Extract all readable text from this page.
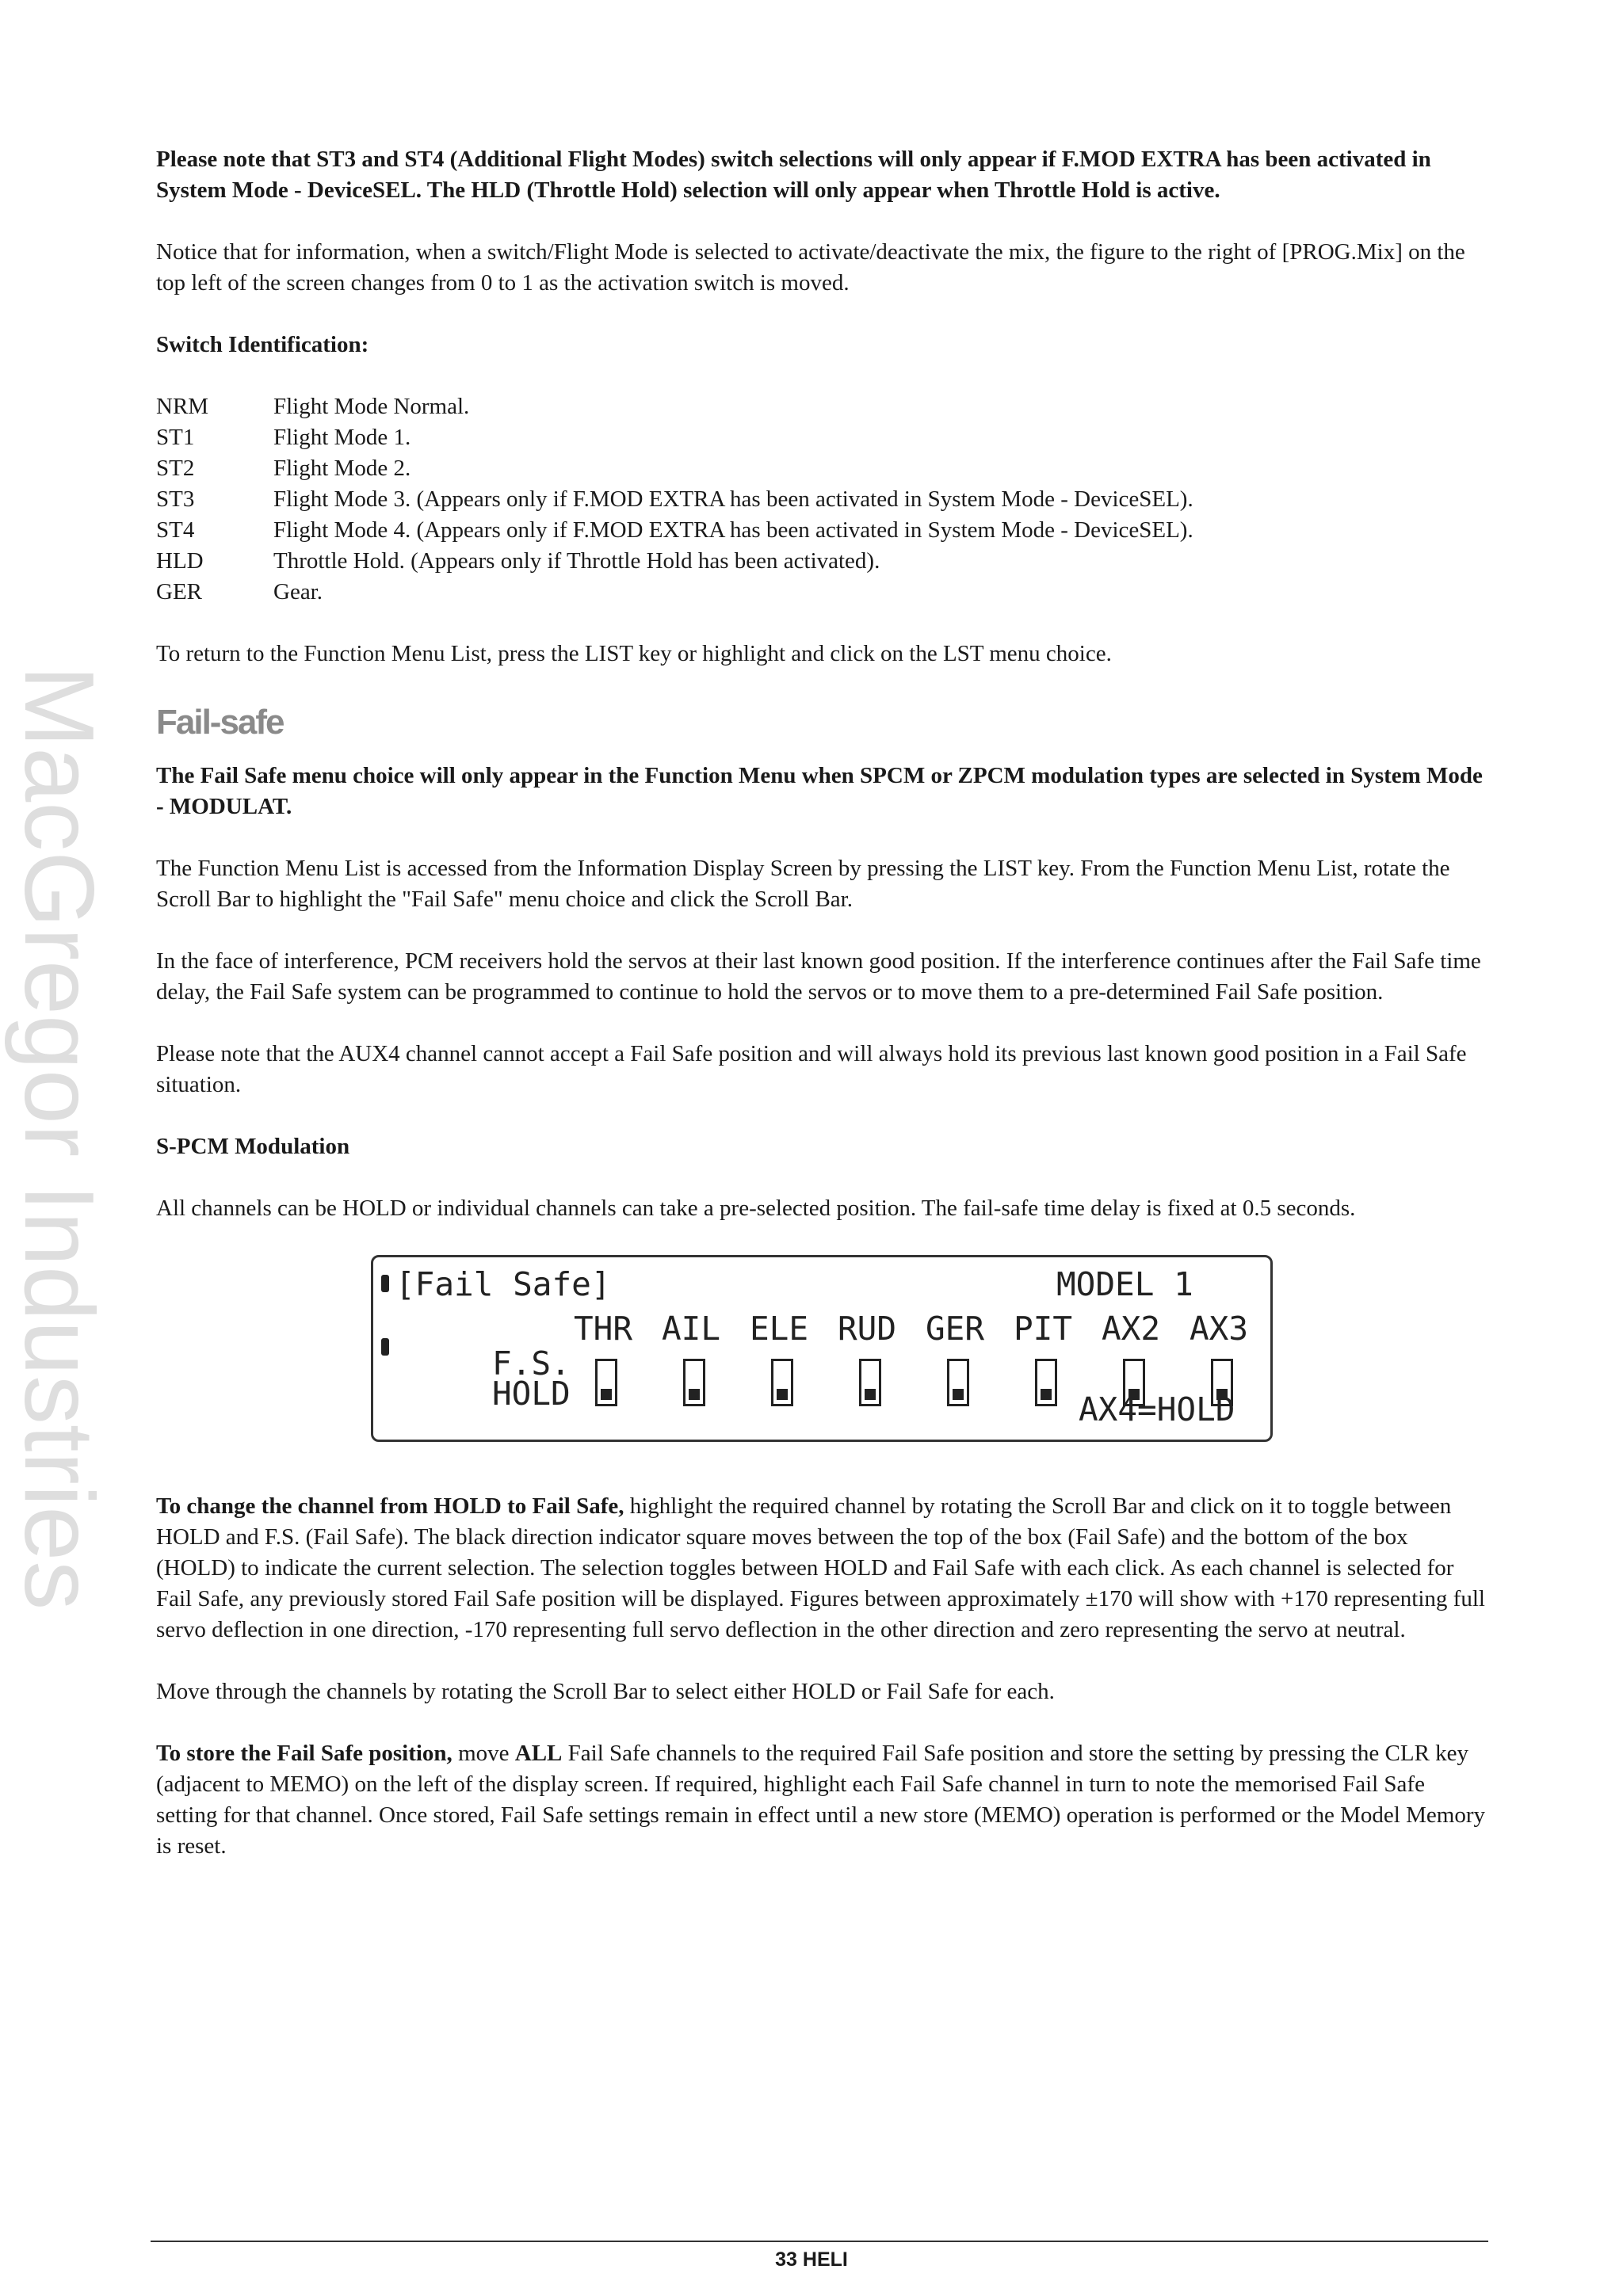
MacGregor Industries

Please note that ST3 and ST4 (Additional Flight Modes) switch selections will only appear if F.MOD EXTRA has been activated in System Mode - DeviceSEL. The HLD (Throttle Hold) selection will only appear when Throttle Hold is active.

Notice that for information, when a switch/Flight Mode is selected to activate/deactivate the mix, the figure to the right of [PROG.Mix] on the top left of the screen changes from 0 to 1 as the activation switch is moved.

Switch Identification:
NRM	Flight Mode Normal.
ST1	Flight Mode 1.
ST2	Flight Mode 2.
ST3	Flight Mode 3. (Appears only if F.MOD EXTRA has been activated in System Mode - DeviceSEL).
ST4	Flight Mode 4. (Appears only if F.MOD EXTRA has been activated in System Mode - DeviceSEL).
HLD	Throttle Hold. (Appears only if Throttle Hold has been activated).
GER	Gear.

To return to the Function Menu List, press the LIST key or highlight and click on the LST menu choice.

Fail-safe

The Fail Safe menu choice will only appear in the Function Menu when SPCM or ZPCM modulation types are selected in System Mode - MODULAT.

The Function Menu List is accessed from the Information Display Screen by pressing the LIST key. From the Function Menu List, rotate the Scroll Bar to highlight the "Fail Safe" menu choice and click the Scroll Bar.

In the face of interference, PCM receivers hold the servos at their last known good position. If the interference continues after the Fail Safe time delay, the Fail Safe system can be programmed to continue to hold the servos or to move them to a pre-determined Fail Safe position.

Please note that the AUX4 channel cannot accept a Fail Safe position and will always hold its previous last known good position in a Fail Safe situation.

S-PCM Modulation

All channels can be HOLD or individual channels can take a pre-selected position. The fail-safe time delay is fixed at 0.5 seconds.

[Fail Safe]	MODEL 1
THR AIL ELE RUD GER PIT AX2 AX3
F.S.
HOLD	AX4=HOLD

To change the channel from HOLD to Fail Safe, highlight the required channel by rotating the Scroll Bar and click on it to toggle between HOLD and F.S. (Fail Safe). The black direction indicator square moves between the top of the box (Fail Safe) and the bottom of the box (HOLD) to indicate the current selection. The selection toggles between HOLD and Fail Safe with each click. As each channel is selected for Fail Safe, any previously stored Fail Safe position will be displayed. Figures between approximately ±170 will show with +170 representing full servo deflection in one direction, -170 representing full servo deflection in the other direction and zero representing the servo at neutral.

Move through the channels by rotating the Scroll Bar to select either HOLD or Fail Safe for each.

To store the Fail Safe position, move ALL Fail Safe channels to the required Fail Safe position and store the setting by pressing the CLR key (adjacent to MEMO) on the left of the display screen. If required, highlight each Fail Safe channel in turn to note the memorised Fail Safe setting for that channel. Once stored, Fail Safe settings remain in effect until a new store (MEMO) operation is performed or the Model Memory is reset.

33 HELI
